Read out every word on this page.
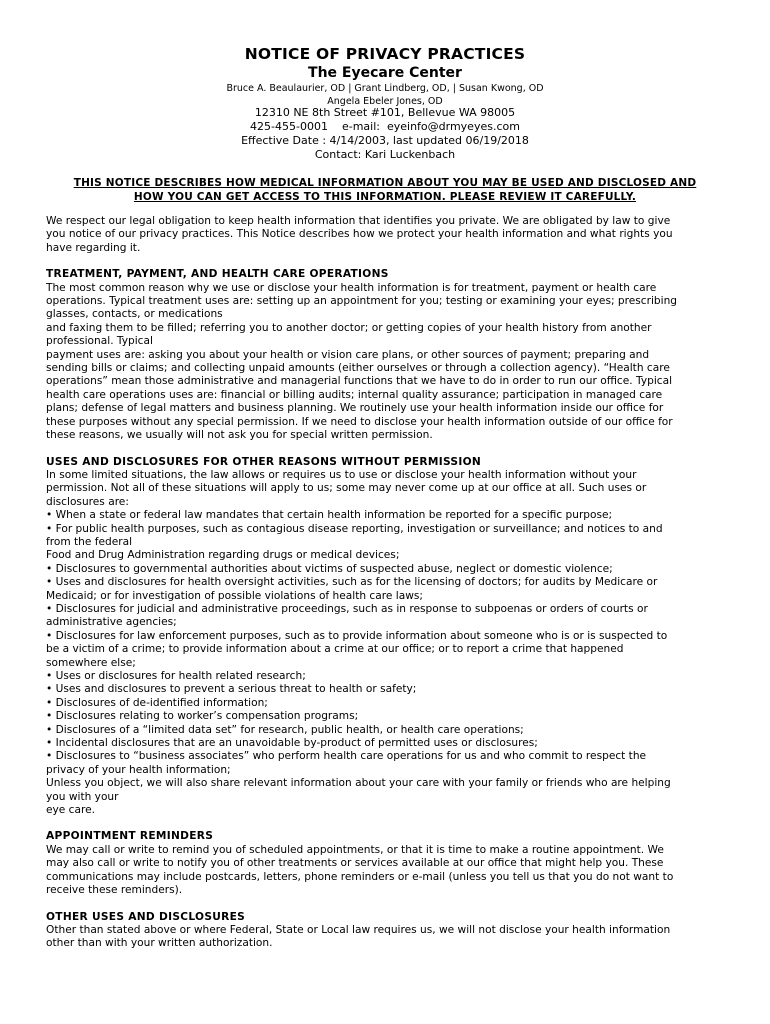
NOTICE OF PRIVACY PRACTICES
The Eyecare Center
Bruce A. Beaulaurier, OD | Grant Lindberg, OD, | Susan Kwong, OD
Angela Ebeler Jones, OD
12310 NE 8th Street #101, Bellevue WA 98005
425-455-0001    e-mail:  eyeinfo@drmyeyes.com
Effective Date : 4/14/2003, last updated 06/19/2018
Contact: Kari Luckenbach
THIS NOTICE DESCRIBES HOW MEDICAL INFORMATION ABOUT YOU MAY BE USED AND DISCLOSED AND
HOW YOU CAN GET ACCESS TO THIS INFORMATION. PLEASE REVIEW IT CAREFULLY.

We respect our legal obligation to keep health information that identifies you private. We are obligated by law to give
you notice of our privacy practices. This Notice describes how we protect your health information and what rights you
have regarding it.

TREATMENT, PAYMENT, AND HEALTH CARE OPERATIONS

The most common reason why we use or disclose your health information is for treatment, payment or health care
operations. Typical treatment uses are: setting up an appointment for you; testing or examining your eyes; prescribing
glasses, contacts, or medications
and faxing them to be filled; referring you to another doctor; or getting copies of your health history from another
professional. Typical
payment uses are: asking you about your health or vision care plans, or other sources of payment; preparing and
sending bills or claims; and collecting unpaid amounts (either ourselves or through a collection agency). “Health care
operations” mean those administrative and managerial functions that we have to do in order to run our office. Typical
health care operations uses are: financial or billing audits; internal quality assurance; participation in managed care
plans; defense of legal matters and business planning. We routinely use your health information inside our office for
these purposes without any special permission. If we need to disclose your health information outside of our office for
these reasons, we usually will not ask you for special written permission.

USES AND DISCLOSURES FOR OTHER REASONS WITHOUT PERMISSION

In some limited situations, the law allows or requires us to use or disclose your health information without your
permission. Not all of these situations will apply to us; some may never come up at our office at all. Such uses or
disclosures are:
• When a state or federal law mandates that certain health information be reported for a specific purpose;
• For public health purposes, such as contagious disease reporting, investigation or surveillance; and notices to and
from the federal
Food and Drug Administration regarding drugs or medical devices;
• Disclosures to governmental authorities about victims of suspected abuse, neglect or domestic violence;
• Uses and disclosures for health oversight activities, such as for the licensing of doctors; for audits by Medicare or
Medicaid; or for investigation of possible violations of health care laws;
• Disclosures for judicial and administrative proceedings, such as in response to subpoenas or orders of courts or
administrative agencies;
• Disclosures for law enforcement purposes, such as to provide information about someone who is or is suspected to
be a victim of a crime; to provide information about a crime at our office; or to report a crime that happened
somewhere else;
• Uses or disclosures for health related research;
• Uses and disclosures to prevent a serious threat to health or safety;
• Disclosures of de-identified information;
• Disclosures relating to worker’s compensation programs;
• Disclosures of a “limited data set” for research, public health, or health care operations;
• Incidental disclosures that are an unavoidable by-product of permitted uses or disclosures;
• Disclosures to “business associates” who perform health care operations for us and who commit to respect the
privacy of your health information;
Unless you object, we will also share relevant information about your care with your family or friends who are helping
you with your
eye care.

APPOINTMENT REMINDERS

We may call or write to remind you of scheduled appointments, or that it is time to make a routine appointment. We
may also call or write to notify you of other treatments or services available at our office that might help you. These
communications may include postcards, letters, phone reminders or e-mail (unless you tell us that you do not want to
receive these reminders).

OTHER USES AND DISCLOSURES

Other than stated above or where Federal, State or Local law requires us, we will not disclose your health information
other than with your written authorization.
